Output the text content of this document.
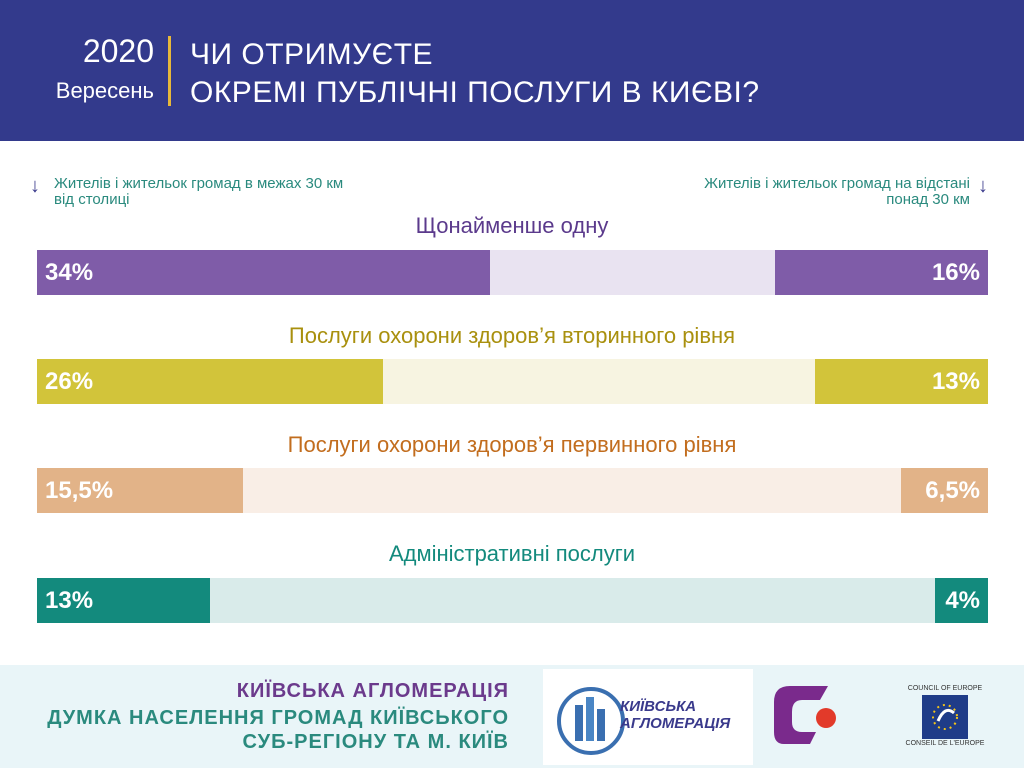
2020
Вересень
ЧИ ОТРИМУЄТЕ
ОКРЕМІ ПУБЛІЧНІ ПОСЛУГИ В КИЄВІ?
↓ Жителів і жительок громад в межах 30 км від столиці
Жителів і жительок громад на відстані понад 30 км
↓
Щонайменше одну
34%	16%
Послуги охорони здоров’я вторинного рівня
26%	13%
Послуги охорони здоров’я первинного рівня
15,5%	6,5%
Адміністративні послуги
13%	4%
КИЇВСЬКА АГЛОМЕРАЦІЯ
ДУМКА НАСЕЛЕННЯ ГРОМАД КИЇВСЬКОГО
СУБ-РЕГІОНУ ТА М. КИЇВ
КИЇВСЬКА
АГЛОМЕРАЦІЯ
COUNCIL OF EUROPE
CONSEIL DE L'EUROPE
